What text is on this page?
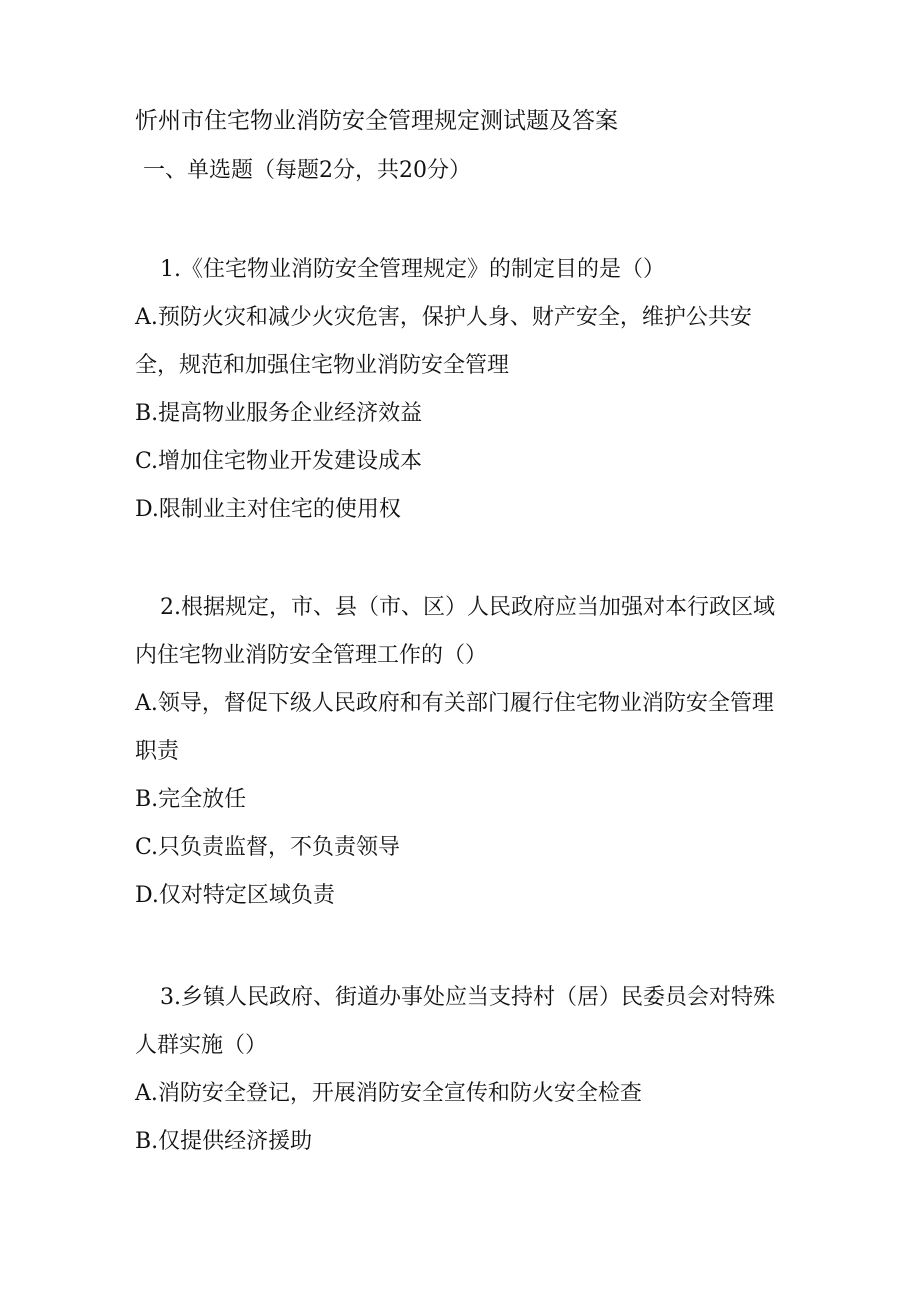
忻州市住宅物业消防安全管理规定测试题及答案
一、单选题（每题2分，共20分）

1.《住宅物业消防安全管理规定》的制定目的是（）

A.预防火灾和减少火灾危害，保护人身、财产安全，维护公共安全，规范和加强住宅物业消防安全管理

B.提高物业服务企业经济效益

C.增加住宅物业开发建设成本

D.限制业主对住宅的使用权

2.根据规定，市、县（市、区）人民政府应当加强对本行政区域内住宅物业消防安全管理工作的（）

A.领导，督促下级人民政府和有关部门履行住宅物业消防安全管理职责

B.完全放任

C.只负责监督，不负责领导

D.仅对特定区域负责

3.乡镇人民政府、街道办事处应当支持村（居）民委员会对特殊人群实施（）

A.消防安全登记，开展消防安全宣传和防火安全检查

B.仅提供经济援助
